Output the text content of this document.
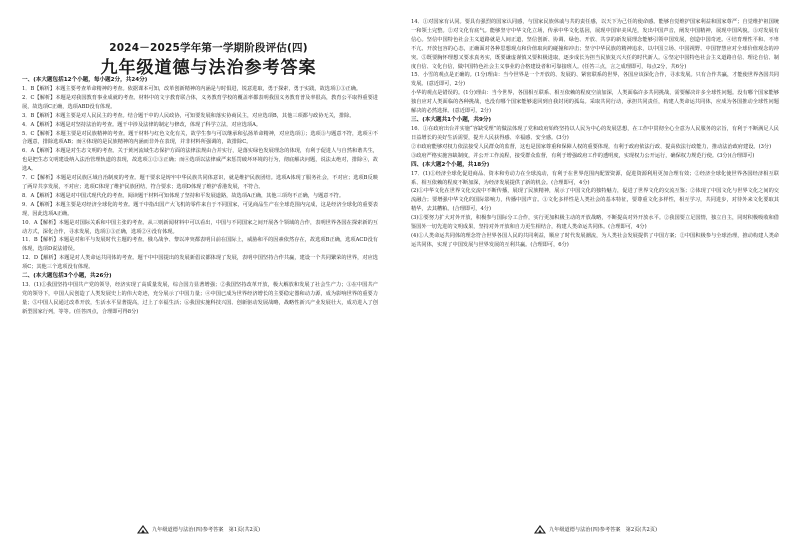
2024－2025学年第一学期阶段评估(四)
九年级道德与法治参考答案
一、(本大题包括12个小题，每小题2分，共24分)
1．B【解析】本题主要考查革命精神的考查。依据课本可知，改革创新精神的内涵是与时俱进，锐意进取，勇于探索，勇于实践，故选项①③正确。
2．C【解析】本题是对我国教育事业成就的考查。材料中的文字教育联合体，义务教育学校的覆盖率都表明我国义务教育普及率很高，教育公平取得重要进展，故选项C正确，选项ABD没有体现。
3．B【解析】本题主要是对人民民主的考查。结合题干中的人民政协，可知要发展和落实协商民主，对应选项B，其他三项都与政协无关，排除。
4．A【解析】本题是对坚持法治的考查。题干中涉及法律的制定与修改，体现了科学立法，对应选项A。
5．C【解析】本题主要是对民族精神的考查。题干材料与红色文化有关，故学生参与可以继承和弘扬革命精神，对应选项①；选项③与题意不符，选项④不合题意，排除选项AB；而④体现的是民族精神的内涵而非外在表现，并非材料所强调的，故排除C。
6．A【解析】本题是对生态文明的考查。关于黄河流域生态保护方面的法律法规由合并实行，是落实绿色发展理念的体现，有利于促进人与自然和谐共生，也是把生态文明建设纳入法治管理轨道的表现，故选项①②③正确；而④选项以法律威严来惩罚破坏环境的行为，彻底解决问题，说法太绝对，排除④，故选A。
7．C【解析】本题是对民族区域自治制度的考查。题干要求是铸牢中华民族共同体意识，就是维护民族团结。选项A体现了服务社会，不对应；选项B反映了两岸共享发展，不对应；选项C体现了维护民族团结，符合要求；选项D体现了维护香港发展，不符合。
8．A【解析】本题是对中国式现代化的考查。阅读题干材料可知体现了坚持和平发展道路，故选项A正确，其他三项均不正确，与题意不符。
9．A【解析】本题主要是对经济全球化的考查。题干中指出国产大飞机的零件来自于不同国家，可见商品生产在全球范围内完成，这是经济全球化的重要表现，因此选项A正确。
10．A【解析】本题是对国际关系和中国主张的考查。从三则新闻材料中可以看出，中国与不同国家之间开展各个领域的合作，表明世界各国在探索新的互动方式，深化合作，寻求发展，选项①③正确，选项②④没有体现。
11．B【解析】本题是对和平与发展时代主题的考查。俄乌战争、黎以冲突都表明目前在国际上，威胁和平的因素依然存在，故选项B正确，选项ACD没有体现，选项D说法错误。
12．D【解析】本题是对人类命运共同体的考查。题干中中国提出的发展新倡议都体现了发展，表明中国坚持合作共赢，建设一个共同繁荣的世界，对应选项C；其他三个选项没有体现。
二、(本大题包括3个小题，共26分)
13．(1)①我国坚持中国共产党的领导，经济实现了高质量发展，综合国力显著增强；②我国坚持改革开放，极大解放和发展了社会生产力；③在中国共产党的领导下，中国人民创造了人类发展史上的伟大奇迹，充分展示了中国力量；④中国已成为世界经济增长的主要稳定器和动力源，成为影响世界的重要力量；⑤中国人民通过改革开放，生活水平显著提高，过上了幸福生活；⑥我国实施科技兴国、创新驱动发展战略，战略性新兴产业发展壮大，成功进入了创新型国家行列，等等。(任答四点，合理即可得8分)
九年级道德与法治(四)参考答案　第1页(共2页)
14．①对国家有认同。要具有强烈的国家认同感，与国家民族休戚与共的责任感，以天下为己任的使命感。能够自觉维护国家利益和国家尊严；自觉维护祖国统一和领土完整。②对文化有底气。能够坚守中华文化立场，传承中华文化基因，展现中国审美风范，发出中国声音，阐发中国精神，展现中国风貌。③对发展有信心。坚信中国特色社会主义道路就是人间正道，坚信创新、协调、绿色、开放、共享的新发展理念能够引领中国发展，创造中国奇迹。④培育理性平和、不卑不亢、开放包容的心态，正确面对各种思想观点和价值取向的碰撞和冲击；坚守中华民族的精神追求，以中国立场、中国视野、中国智慧应对全球价值观念的冲突。⑤既要胸怀理想又要求真务实，既要谦虚谨慎又要积极进取，逐步成长为担当民族复兴大任的时代新人。⑥坚定中国特色社会主义道路自信、理论自信、制度自信、文化自信，做中国特色社会主义事业的合格建设者和可靠接班人。(任答三点，言之成理即可，每点2分，共6分)
15．小雪的观点是正确的。(1分)理由：当今世界是一个开放的、发展的、紧密联系的世界，各国应该深化合作，寻求发展。只有合作共赢，才能使世界各国共同发展。(意近即可，2分)
小华的观点是错误的。(1分)理由：当今世界，各国相互联系、相互依赖的程度空前加深，人类面临许多共同挑战，需要解决许多全球性问题。没有哪个国家能够独自应对人类面临的各种挑战，也没有哪个国家能够退回到自我封闭的孤岛。采取共同行动，承担共同责任，构建人类命运共同体，应成为各国推动全球性问题解决的必然选择。(意近即可，2分)
三、(本大题共1个小题，共9分)
16．①在政府出台并实施“容缺受理”的做法体现了党和政府始终坚持以人民为中心的发展思想，在工作中贯彻全心全意为人民服务的宗旨，有利于不断满足人民日益增长的美好生活需要，提升人民获得感、幸福感、安全感。(3分)
②市政府能够对权力依法接受人民群众的监督，这也是国家尊重和保障人权的重要体现，有利于政府依法行政、提高依法行政能力，推动法治政府建设。(3分)
③政府严格实施容缺制度，并公开工作流程，接受群众监督，有利于增强政府工作的透明度，实现权力公开运行，确保权力规范行使。(3分)(合理即可)
四、(本大题2个小题，共18分)
17．(1)①经济全球化促进商品、资本和劳动力在全球流动，有利于在世界范围内配置资源，促进资源利用更加合理有效；②经济全球化使世界各国经济相互联系、相互依赖的程度不断加深，为经济发展提供了新的机会。(合理即可，4分)
(2)①中华文化在世界文化交流中不断传播，展现了民族精神，展示了中国文化的独特魅力，促进了世界文化的交流互鉴；②体现了中国文化与世界文化之间的交流融合；要增强中华文化的国际影响力，传播中国声音。③文化多样性是人类社会的基本特征，要尊重文化多样性，相互学习，共同进步，对待外来文化要取其精华，去其糟粕。(合理即可，4分)
(3)①要努力扩大对外开放，积极参与国际分工合作，实行更加积极主动的开放战略，不断提高对外开放水平。②我国要立足国情，独立自主，同时积极吸收和借鉴国外一切先进的文明成果，坚持对外开放和自力更生相结合，构建人类命运共同体。(合理即可，4分)
(4)①人类命运共同体的理念符合世界各国人民的共同利益，顺应了时代发展潮流，为人类社会发展提供了中国方案；②中国积极参与全球治理，推动构建人类命运共同体，实现了中国发展与世界发展的互利共赢。(合理即可，6分)
九年级道德与法治(四)参考答案　第2页(共2页)
